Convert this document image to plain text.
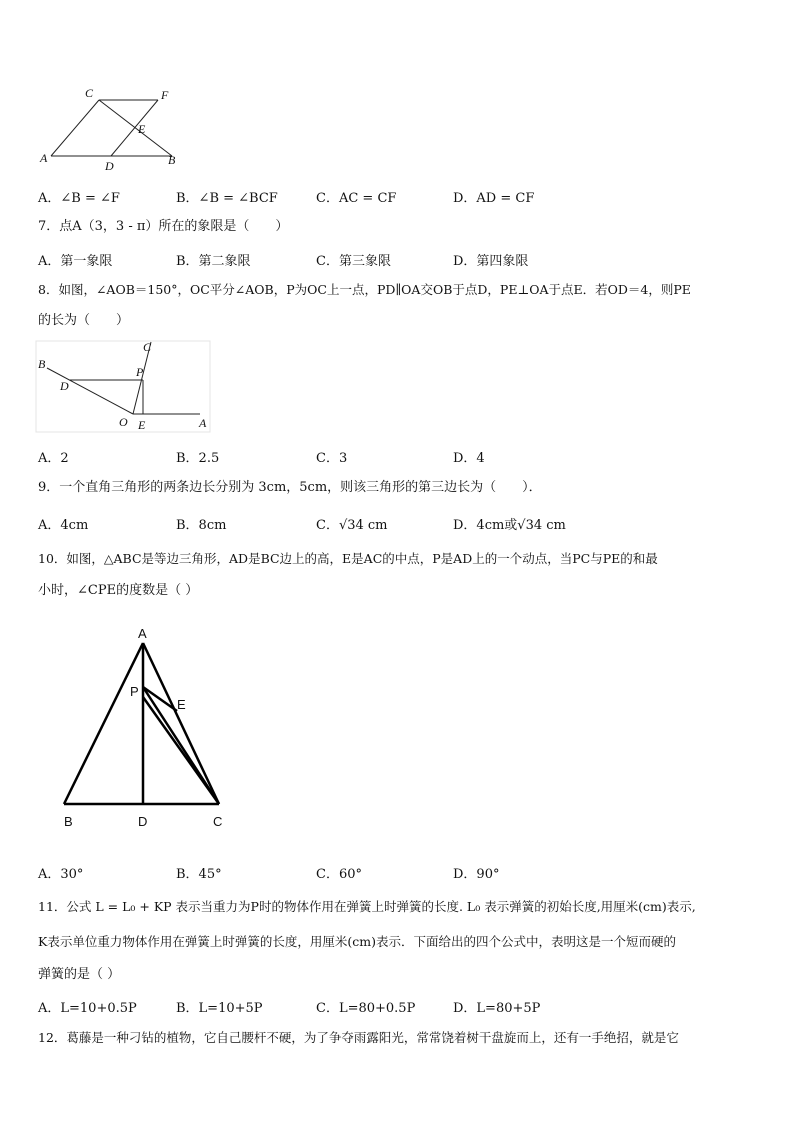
C	F
E
A
D	B
A．∠B = ∠F	B．∠B = ∠BCF	C．AC = CF	D．AD = CF
7．点A（3，3 - π）所在的象限是（　　）
A．第一象限	B．第二象限	C．第三象限	D．第四象限
8．如图，∠AOB＝150°，OC平分∠AOB，P为OC上一点，PD∥OA交OB于点D，PE⊥OA于点E．若OD＝4，则PE
的长为（　　）
B
C
P
D
O E	A
A．2	B．2.5	C．3	D．4
9．一个直角三角形的两条边长分别为 3cm，5cm，则该三角形的第三边长为（　　）．
A．4cm	B．8cm	C．√34 cm	D．4cm或√34 cm
10．如图，△ABC是等边三角形，AD是BC边上的高，E是AC的中点，P是AD上的一个动点，当PC与PE的和最
小时，∠CPE的度数是（ ）
A
P
E
B	D	C
A．30°	B．45°	C．60°	D．90°
11．公式 L = L₀ + KP 表示当重力为P时的物体作用在弹簧上时弹簧的长度. L₀ 表示弹簧的初始长度,用厘米(cm)表示,
K表示单位重力物体作用在弹簧上时弹簧的长度，用厘米(cm)表示．下面给出的四个公式中，表明这是一个短而硬的
弹簧的是（ ）
A．L=10+0.5P	B．L=10+5P	C．L=80+0.5P	D．L=80+5P
12．葛藤是一种刁钻的植物，它自己腰杆不硬，为了争夺雨露阳光，常常饶着树干盘旋而上，还有一手绝招，就是它
